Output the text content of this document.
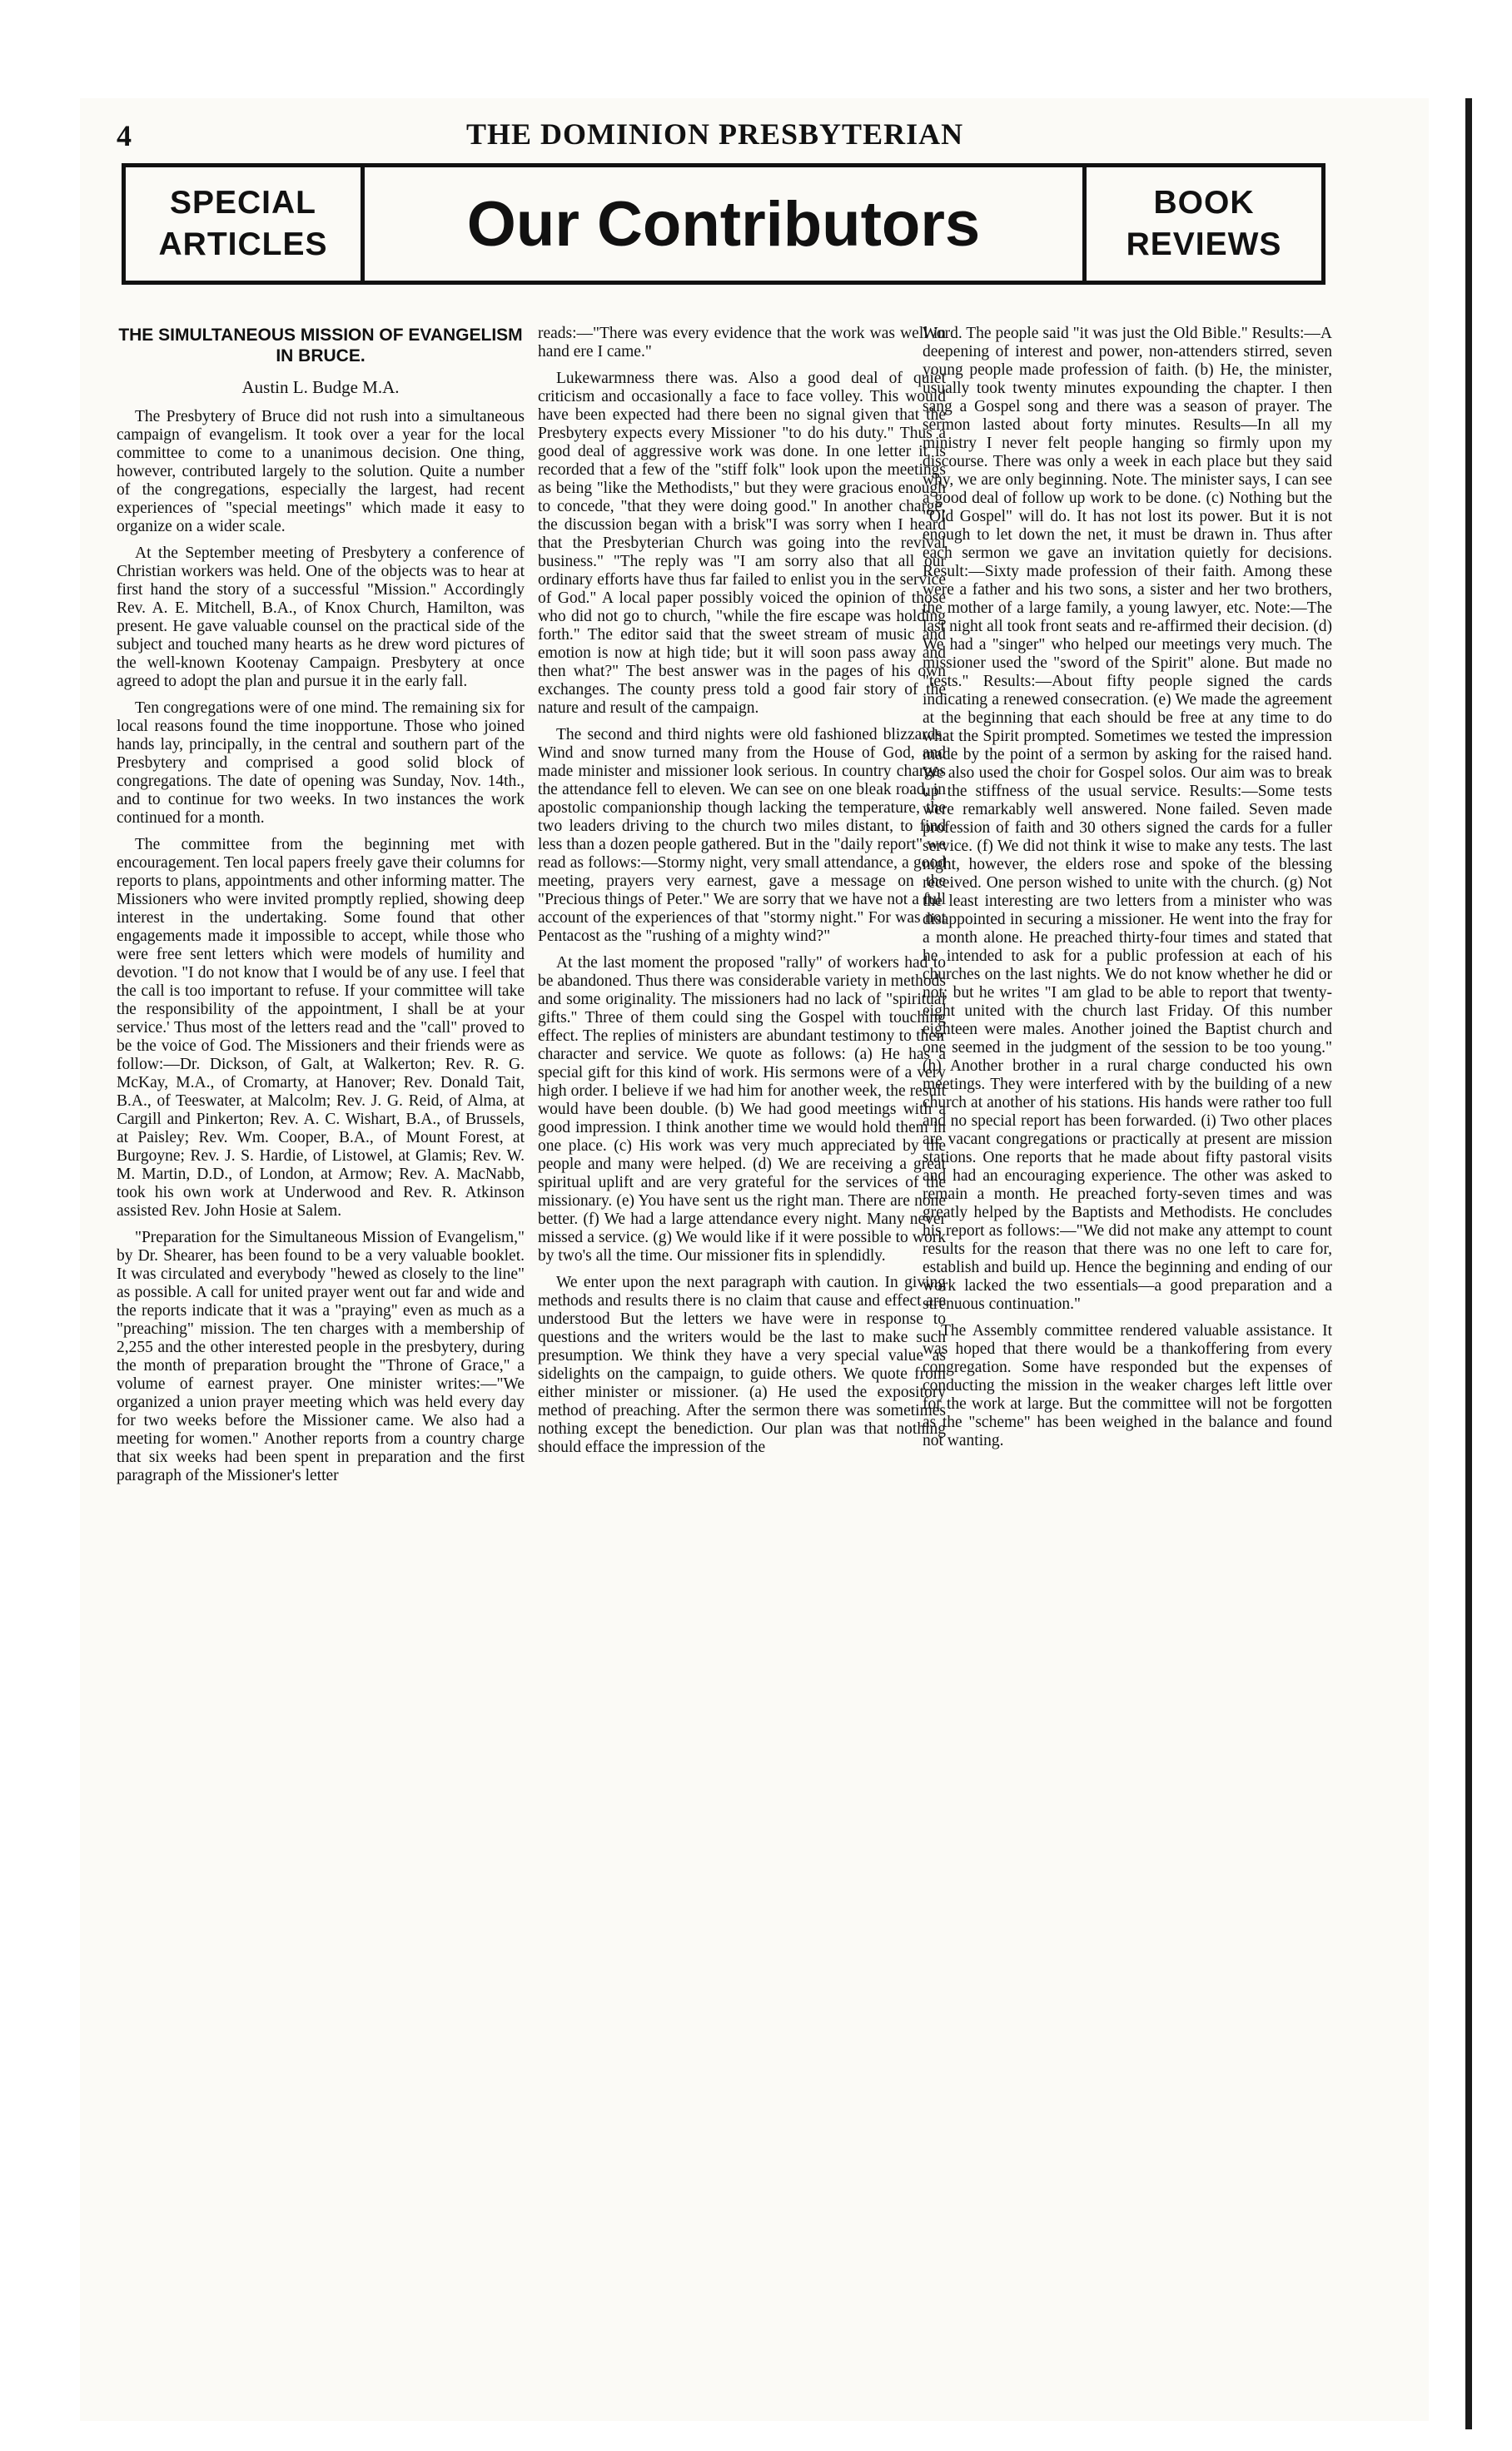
4	THE DOMINION PRESBYTERIAN
SPECIAL
ARTICLES	Our Contributors	BOOK
REVIEWS
THE SIMULTANEOUS MISSION OF EVANGELISM IN BRUCE.
Austin L. Budge M.A.

The Presbytery of Bruce did not rush into a simultaneous campaign of evangelism. It took over a year for the local committee to come to a unanimous decision. One thing, however, contributed largely to the solution. Quite a number of the congregations, especially the largest, had recent experiences of "special meetings" which made it easy to organize on a wider scale.

At the September meeting of Presbytery a conference of Christian workers was held. One of the objects was to hear at first hand the story of a successful "Mission." Accordingly Rev. A. E. Mitchell, B.A., of Knox Church, Hamilton, was present. He gave valuable counsel on the practical side of the subject and touched many hearts as he drew word pictures of the well-known Kootenay Campaign. Presbytery at once agreed to adopt the plan and pursue it in the early fall.

Ten congregations were of one mind. The remaining six for local reasons found the time inopportune. Those who joined hands lay, principally, in the central and southern part of the Presbytery and comprised a good solid block of congregations. The date of opening was Sunday, Nov. 14th., and to continue for two weeks. In two instances the work continued for a month.

The committee from the beginning met with encouragement. Ten local papers freely gave their columns for reports to plans, appointments and other informing matter. The Missioners who were invited promptly replied, showing deep interest in the undertaking. Some found that other engagements made it impossible to accept, while those who were free sent letters which were models of humility and devotion. "I do not know that I would be of any use. I feel that the call is too important to refuse. If your committee will take the responsibility of the appointment, I shall be at your service.' Thus most of the letters read and the "call" proved to be the voice of God. The Missioners and their friends were as follow:—Dr. Dickson, of Galt, at Walkerton; Rev. R. G. McKay, M.A., of Cromarty, at Hanover; Rev. Donald Tait, B.A., of Teeswater, at Malcolm; Rev. J. G. Reid, of Alma, at Cargill and Pinkerton; Rev. A. C. Wishart, B.A., of Brussels, at Paisley; Rev. Wm. Cooper, B.A., of Mount Forest, at Burgoyne; Rev. J. S. Hardie, of Listowel, at Glamis; Rev. W. M. Martin, D.D., of London, at Armow; Rev. A. MacNabb, took his own work at Underwood and Rev. R. Atkinson assisted Rev. John Hosie at Salem.

"Preparation for the Simultaneous Mission of Evangelism," by Dr. Shearer, has been found to be a very valuable booklet. It was circulated and everybody "hewed as closely to the line" as possible. A call for united prayer went out far and wide and the reports indicate that it was a "praying" even as much as a "preaching" mission. The ten charges with a membership of 2,255 and the other interested people in the presbytery, during the month of preparation brought the "Throne of Grace," a volume of earnest prayer. One minister writes:—"We organized a union prayer meeting which was held every day for two weeks before the Missioner came. We also had a meeting for women." Another reports from a country charge that six weeks had been spent in preparation and the first paragraph of the Missioner's letter

reads:—"There was every evidence that the work was well in hand ere I came."

Lukewarmness there was. Also a good deal of quiet criticism and occasionally a face to face volley. This would have been expected had there been no signal given that the Presbytery expects every Missioner "to do his duty." Thus a good deal of aggressive work was done. In one letter it is recorded that a few of the "stiff folk" look upon the meetings as being "like the Methodists," but they were gracious enough to concede, "that they were doing good." In another charge, the discussion began with a brisk"I was sorry when I heard that the Presbyterian Church was going into the revival business." "The reply was "I am sorry also that all our ordinary efforts have thus far failed to enlist you in the service of God." A local paper possibly voiced the opinion of those who did not go to church, "while the fire escape was holding forth." The editor said that the sweet stream of music and emotion is now at high tide; but it will soon pass away and then what?" The best answer was in the pages of his own exchanges. The county press told a good fair story of the nature and result of the campaign.

The second and third nights were old fashioned blizzards. Wind and snow turned many from the House of God, and made minister and missioner look serious. In country charges the attendance fell to eleven. We can see on one bleak road, in apostolic companionship though lacking the temperature, the two leaders driving to the church two miles distant, to find less than a dozen people gathered. But in the "daily report" we read as follows:—Stormy night, very small attendance, a good meeting, prayers very earnest, gave a message on the "Precious things of Peter." We are sorry that we have not a full account of the experiences of that "stormy night." For was not Pentacost as the "rushing of a mighty wind?"

At the last moment the proposed "rally" of workers had to be abandoned. Thus there was considerable variety in methods and some originality. The missioners had no lack of "spiritual gifts." Three of them could sing the Gospel with touching effect. The replies of ministers are abundant testimony to their character and service. We quote as follows: (a) He has a special gift for this kind of work. His sermons were of a very high order. I believe if we had him for another week, the result would have been double. (b) We had good meetings with a good impression. I think another time we would hold them in one place. (c) His work was very much appreciated by the people and many were helped. (d) We are receiving a great spiritual uplift and are very grateful for the services of the missionary. (e) You have sent us the right man. There are none better. (f) We had a large attendance every night. Many never missed a service. (g) We would like if it were possible to work by two's all the time. Our missioner fits in splendidly.

We enter upon the next paragraph with caution. In giving methods and results there is no claim that cause and effect are understood But the letters we have were in response to questions and the writers would be the last to make such presumption. We think they have a very special value as sidelights on the campaign, to guide others. We quote from either minister or missioner. (a) He used the expository method of preaching. After the sermon there was sometimes nothing except the benediction. Our plan was that nothing should efface the impression of the

Word. The people said "it was just the Old Bible." Results:—A deepening of interest and power, non-attenders stirred, seven young people made profession of faith. (b) He, the minister, usually took twenty minutes expounding the chapter. I then sang a Gospel song and there was a season of prayer. The sermon lasted about forty minutes. Results—In all my ministry I never felt people hanging so firmly upon my discourse. There was only a week in each place but they said why, we are only beginning. Note. The minister says, I can see a good deal of follow up work to be done. (c) Nothing but the "Old Gospel" will do. It has not lost its power. But it is not enough to let down the net, it must be drawn in. Thus after each sermon we gave an invitation quietly for decisions. Result:—Sixty made profession of their faith. Among these were a father and his two sons, a sister and her two brothers, the mother of a large family, a young lawyer, etc. Note:—The last night all took front seats and re-affirmed their decision. (d) We had a "singer" who helped our meetings very much. The missioner used the "sword of the Spirit" alone. But made no "tests." Results:—About fifty people signed the cards indicating a renewed consecration. (e) We made the agreement at the beginning that each should be free at any time to do what the Spirit prompted. Sometimes we tested the impression made by the point of a sermon by asking for the raised hand. We also used the choir for Gospel solos. Our aim was to break up the stiffness of the usual service. Results:—Some tests were remarkably well answered. None failed. Seven made profession of faith and 30 others signed the cards for a fuller service. (f) We did not think it wise to make any tests. The last night, however, the elders rose and spoke of the blessing received. One person wished to unite with the church. (g) Not the least interesting are two letters from a minister who was disappointed in securing a missioner. He went into the fray for a month alone. He preached thirty-four times and stated that he intended to ask for a public profession at each of his churches on the last nights. We do not know whether he did or not; but he writes "I am glad to be able to report that twenty-eight united with the church last Friday. Of this number eighteen were males. Another joined the Baptist church and one seemed in the judgment of the session to be too young." (h) Another brother in a rural charge conducted his own meetings. They were interfered with by the building of a new church at another of his stations. His hands were rather too full and no special report has been forwarded. (i) Two other places are vacant congregations or practically at present are mission stations. One reports that he made about fifty pastoral visits and had an encouraging experience. The other was asked to remain a month. He preached forty-seven times and was greatly helped by the Baptists and Methodists. He concludes his report as follows:—"We did not make any attempt to count results for the reason that there was no one left to care for, establish and build up. Hence the beginning and ending of our work lacked the two essentials—a good preparation and a strenuous continuation."

The Assembly committee rendered valuable assistance. It was hoped that there would be a thankoffering from every congregation. Some have responded but the expenses of conducting the mission in the weaker charges left little over for the work at large. But the committee will not be forgotten as the "scheme" has been weighed in the balance and found not wanting.
